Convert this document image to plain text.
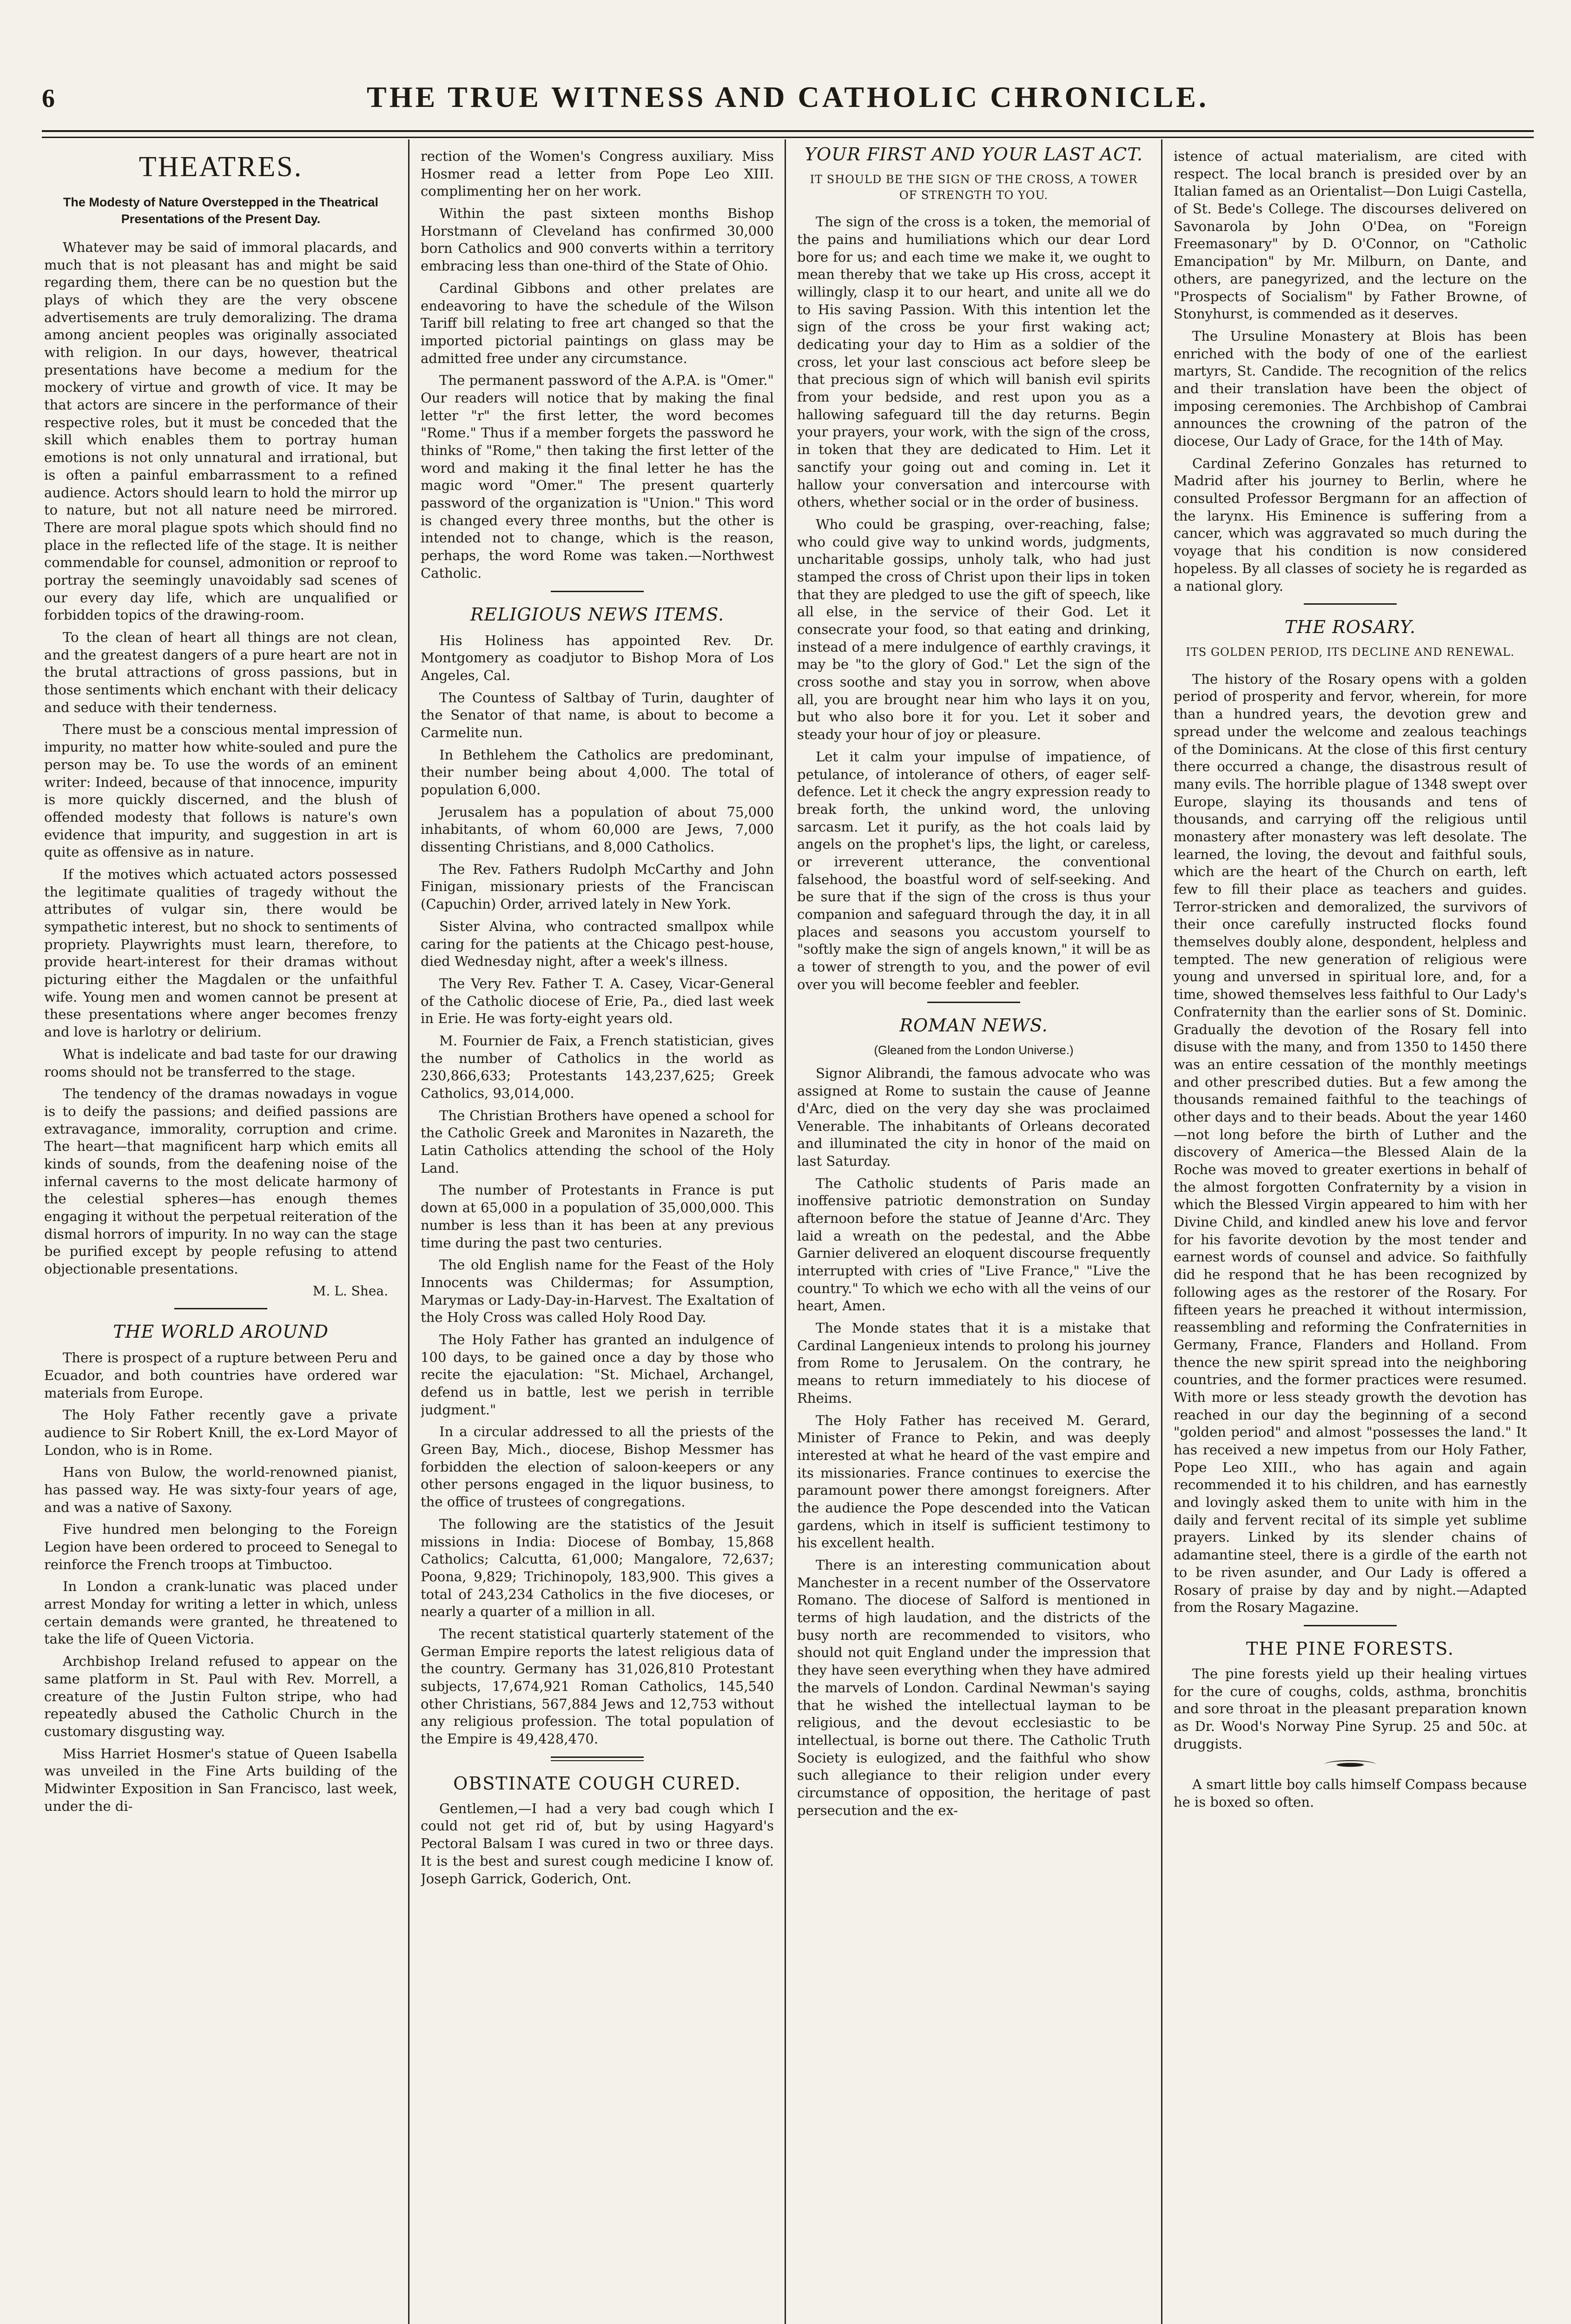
6	THE TRUE WITNESS AND CATHOLIC CHRONICLE.
THEATRES.
The Modesty of Nature Overstepped in the Theatrical Presentations of the Present Day.

Whatever may be said of immoral placards, and much that is not pleasant has and might be said regarding them, there can be no question but the plays of which they are the very obscene advertisements are truly demoralizing. The drama among ancient peoples was originally associated with religion. In our days, however, theatrical presentations have become a medium for the mockery of virtue and growth of vice. It may be that actors are sincere in the performance of their respective roles, but it must be conceded that the skill which enables them to portray human emotions is not only unnatural and irrational, but is often a painful embarrassment to a refined audience. Actors should learn to hold the mirror up to nature, but not all nature need be mirrored. There are moral plague spots which should find no place in the reflected life of the stage. It is neither commendable for counsel, admonition or reproof to portray the seemingly unavoidably sad scenes of our every day life, which are unqualified or forbidden topics of the drawing-room.

To the clean of heart all things are not clean, and the greatest dangers of a pure heart are not in the brutal attractions of gross passions, but in those sentiments which enchant with their delicacy and seduce with their tenderness.

There must be a conscious mental impression of impurity, no matter how white-souled and pure the person may be. To use the words of an eminent writer: Indeed, because of that innocence, impurity is more quickly discerned, and the blush of offended modesty that follows is nature's own evidence that impurity, and suggestion in art is quite as offensive as in nature.

If the motives which actuated actors possessed the legitimate qualities of tragedy without the attributes of vulgar sin, there would be sympathetic interest, but no shock to sentiments of propriety. Playwrights must learn, therefore, to provide heart-interest for their dramas without picturing either the Magdalen or the unfaithful wife. Young men and women cannot be present at these presentations where anger becomes frenzy and love is harlotry or delirium.

What is indelicate and bad taste for our drawing rooms should not be transferred to the stage.

The tendency of the dramas nowadays in vogue is to deify the passions; and deified passions are extravagance, immorality, corruption and crime. The heart—that magnificent harp which emits all kinds of sounds, from the deafening noise of the infernal caverns to the most delicate harmony of the celestial spheres—has enough themes engaging it without the perpetual reiteration of the dismal horrors of impurity. In no way can the stage be purified except by people refusing to attend objectionable presentations.

M. L. Shea.

THE WORLD AROUND

There is prospect of a rupture between Peru and Ecuador, and both countries have ordered war materials from Europe.

The Holy Father recently gave a private audience to Sir Robert Knill, the ex-Lord Mayor of London, who is in Rome.

Hans von Bulow, the world-renowned pianist, has passed way. He was sixty-four years of age, and was a native of Saxony.

Five hundred men belonging to the Foreign Legion have been ordered to proceed to Senegal to reinforce the French troops at Timbuctoo.

In London a crank-lunatic was placed under arrest Monday for writing a letter in which, unless certain demands were granted, he threatened to take the life of Queen Victoria.

Archbishop Ireland refused to appear on the same platform in St. Paul with Rev. Morrell, a creature of the Justin Fulton stripe, who had repeatedly abused the Catholic Church in the customary disgusting way.

Miss Harriet Hosmer's statue of Queen Isabella was unveiled in the Fine Arts building of the Midwinter Exposition in San Francisco, last week, under the di-

rection of the Women's Congress auxiliary. Miss Hosmer read a letter from Pope Leo XIII. complimenting her on her work.

Within the past sixteen months Bishop Horstmann of Cleveland has confirmed 30,000 born Catholics and 900 converts within a territory embracing less than one-third of the State of Ohio.

Cardinal Gibbons and other prelates are endeavoring to have the schedule of the Wilson Tariff bill relating to free art changed so that the imported pictorial paintings on glass may be admitted free under any circumstance.

The permanent password of the A.P.A. is "Omer." Our readers will notice that by making the final letter "r" the first letter, the word becomes "Rome." Thus if a member forgets the password he thinks of "Rome," then taking the first letter of the word and making it the final letter he has the magic word "Omer." The present quarterly password of the organization is "Union." This word is changed every three months, but the other is intended not to change, which is the reason, perhaps, the word Rome was taken.—Northwest Catholic.

RELIGIOUS NEWS ITEMS.

His Holiness has appointed Rev. Dr. Montgomery as coadjutor to Bishop Mora of Los Angeles, Cal.

The Countess of Saltbay of Turin, daughter of the Senator of that name, is about to become a Carmelite nun.

In Bethlehem the Catholics are predominant, their number being about 4,000. The total of population 6,000.

Jerusalem has a population of about 75,000 inhabitants, of whom 60,000 are Jews, 7,000 dissenting Christians, and 8,000 Catholics.

The Rev. Fathers Rudolph McCarthy and John Finigan, missionary priests of the Franciscan (Capuchin) Order, arrived lately in New York.

Sister Alvina, who contracted smallpox while caring for the patients at the Chicago pest-house, died Wednesday night, after a week's illness.

The Very Rev. Father T. A. Casey, Vicar-General of the Catholic diocese of Erie, Pa., died last week in Erie. He was forty-eight years old.

M. Fournier de Faix, a French statistician, gives the number of Catholics in the world as 230,866,633; Protestants 143,237,625; Greek Catholics, 93,014,000.

The Christian Brothers have opened a school for the Catholic Greek and Maronites in Nazareth, the Latin Catholics attending the school of the Holy Land.

The number of Protestants in France is put down at 65,000 in a population of 35,000,000. This number is less than it has been at any previous time during the past two centuries.

The old English name for the Feast of the Holy Innocents was Childermas; for Assumption, Marymas or Lady-Day-in-Harvest. The Exaltation of the Holy Cross was called Holy Rood Day.

The Holy Father has granted an indulgence of 100 days, to be gained once a day by those who recite the ejaculation: "St. Michael, Archangel, defend us in battle, lest we perish in terrible judgment."

In a circular addressed to all the priests of the Green Bay, Mich., diocese, Bishop Messmer has forbidden the election of saloon-keepers or any other persons engaged in the liquor business, to the office of trustees of congregations.

The following are the statistics of the Jesuit missions in India: Diocese of Bombay, 15,868 Catholics; Calcutta, 61,000; Mangalore, 72,637; Poona, 9,829; Trichinopoly, 183,900. This gives a total of 243,234 Catholics in the five dioceses, or nearly a quarter of a million in all.

The recent statistical quarterly statement of the German Empire reports the latest religious data of the country. Germany has 31,026,810 Protestant subjects, 17,674,921 Roman Catholics, 145,540 other Christians, 567,884 Jews and 12,753 without any religious profession. The total population of the Empire is 49,428,470.

OBSTINATE COUGH CURED.

Gentlemen,—I had a very bad cough which I could not get rid of, but by using Hagyard's Pectoral Balsam I was cured in two or three days. It is the best and surest cough medicine I know of. Joseph Garrick, Goderich, Ont.

YOUR FIRST AND YOUR LAST ACT.
IT SHOULD BE THE SIGN OF THE CROSS, A TOWER OF STRENGTH TO YOU.

The sign of the cross is a token, the memorial of the pains and humiliations which our dear Lord bore for us; and each time we make it, we ought to mean thereby that we take up His cross, accept it willingly, clasp it to our heart, and unite all we do to His saving Passion. With this intention let the sign of the cross be your first waking act; dedicating your day to Him as a soldier of the cross, let your last conscious act before sleep be that precious sign of which will banish evil spirits from your bedside, and rest upon you as a hallowing safeguard till the day returns. Begin your prayers, your work, with the sign of the cross, in token that they are dedicated to Him. Let it sanctify your going out and coming in. Let it hallow your conversation and intercourse with others, whether social or in the order of business.

Who could be grasping, over-reaching, false; who could give way to unkind words, judgments, uncharitable gossips, unholy talk, who had just stamped the cross of Christ upon their lips in token that they are pledged to use the gift of speech, like all else, in the service of their God. Let it consecrate your food, so that eating and drinking, instead of a mere indulgence of earthly cravings, it may be "to the glory of God." Let the sign of the cross soothe and stay you in sorrow, when above all, you are brought near him who lays it on you, but who also bore it for you. Let it sober and steady your hour of joy or pleasure.

Let it calm your impulse of impatience, of petulance, of intolerance of others, of eager self-defence. Let it check the angry expression ready to break forth, the unkind word, the unloving sarcasm. Let it purify, as the hot coals laid by angels on the prophet's lips, the light, or careless, or irreverent utterance, the conventional falsehood, the boastful word of self-seeking. And be sure that if the sign of the cross is thus your companion and safeguard through the day, it in all places and seasons you accustom yourself to "softly make the sign of angels known," it will be as a tower of strength to you, and the power of evil over you will become feebler and feebler.

ROMAN NEWS.
(Gleaned from the London Universe.)

Signor Alibrandi, the famous advocate who was assigned at Rome to sustain the cause of Jeanne d'Arc, died on the very day she was proclaimed Venerable. The inhabitants of Orleans decorated and illuminated the city in honor of the maid on last Saturday.

The Catholic students of Paris made an inoffensive patriotic demonstration on Sunday afternoon before the statue of Jeanne d'Arc. They laid a wreath on the pedestal, and the Abbe Garnier delivered an eloquent discourse frequently interrupted with cries of "Live France," "Live the country." To which we echo with all the veins of our heart, Amen.

The Monde states that it is a mistake that Cardinal Langenieux intends to prolong his journey from Rome to Jerusalem. On the contrary, he means to return immediately to his diocese of Rheims.

The Holy Father has received M. Gerard, Minister of France to Pekin, and was deeply interested at what he heard of the vast empire and its missionaries. France continues to exercise the paramount power there amongst foreigners. After the audience the Pope descended into the Vatican gardens, which in itself is sufficient testimony to his excellent health.

There is an interesting communication about Manchester in a recent number of the Osservatore Romano. The diocese of Salford is mentioned in terms of high laudation, and the districts of the busy north are recommended to visitors, who should not quit England under the impression that they have seen everything when they have admired the marvels of London. Cardinal Newman's saying that he wished the intellectual layman to be religious, and the devout ecclesiastic to be intellectual, is borne out there. The Catholic Truth Society is eulogized, and the faithful who show such allegiance to their religion under every circumstance of opposition, the heritage of past persecution and the ex-

istence of actual materialism, are cited with respect. The local branch is presided over by an Italian famed as an Orientalist—Don Luigi Castella, of St. Bede's College. The discourses delivered on Savonarola by John O'Dea, on "Foreign Freemasonary" by D. O'Connor, on "Catholic Emancipation" by Mr. Milburn, on Dante, and others, are panegyrized, and the lecture on the "Prospects of Socialism" by Father Browne, of Stonyhurst, is commended as it deserves.

The Ursuline Monastery at Blois has been enriched with the body of one of the earliest martyrs, St. Candide. The recognition of the relics and their translation have been the object of imposing ceremonies. The Archbishop of Cambrai announces the crowning of the patron of the diocese, Our Lady of Grace, for the 14th of May.

Cardinal Zeferino Gonzales has returned to Madrid after his journey to Berlin, where he consulted Professor Bergmann for an affection of the larynx. His Eminence is suffering from a cancer, which was aggravated so much during the voyage that his condition is now considered hopeless. By all classes of society he is regarded as a national glory.

THE ROSARY.
ITS GOLDEN PERIOD, ITS DECLINE AND RENEWAL.

The history of the Rosary opens with a golden period of prosperity and fervor, wherein, for more than a hundred years, the devotion grew and spread under the welcome and zealous teachings of the Dominicans. At the close of this first century there occurred a change, the disastrous result of many evils. The horrible plague of 1348 swept over Europe, slaying its thousands and tens of thousands, and carrying off the religious until monastery after monastery was left desolate. The learned, the loving, the devout and faithful souls, which are the heart of the Church on earth, left few to fill their place as teachers and guides. Terror-stricken and demoralized, the survivors of their once carefully instructed flocks found themselves doubly alone, despondent, helpless and tempted. The new generation of religious were young and unversed in spiritual lore, and, for a time, showed themselves less faithful to Our Lady's Confraternity than the earlier sons of St. Dominic. Gradually the devotion of the Rosary fell into disuse with the many, and from 1350 to 1450 there was an entire cessation of the monthly meetings and other prescribed duties. But a few among the thousands remained faithful to the teachings of other days and to their beads. About the year 1460—not long before the birth of Luther and the discovery of America—the Blessed Alain de la Roche was moved to greater exertions in behalf of the almost forgotten Confraternity by a vision in which the Blessed Virgin appeared to him with her Divine Child, and kindled anew his love and fervor for his favorite devotion by the most tender and earnest words of counsel and advice. So faithfully did he respond that he has been recognized by following ages as the restorer of the Rosary. For fifteen years he preached it without intermission, reassembling and reforming the Confraternities in Germany, France, Flanders and Holland. From thence the new spirit spread into the neighboring countries, and the former practices were resumed. With more or less steady growth the devotion has reached in our day the beginning of a second "golden period" and almost "possesses the land." It has received a new impetus from our Holy Father, Pope Leo XIII., who has again and again recommended it to his children, and has earnestly and lovingly asked them to unite with him in the daily and fervent recital of its simple yet sublime prayers. Linked by its slender chains of adamantine steel, there is a girdle of the earth not to be riven asunder, and Our Lady is offered a Rosary of praise by day and by night.—Adapted from the Rosary Magazine.

THE PINE FORESTS.

The pine forests yield up their healing virtues for the cure of coughs, colds, asthma, bronchitis and sore throat in the pleasant preparation known as Dr. Wood's Norway Pine Syrup. 25 and 50c. at druggists.

A smart little boy calls himself Compass because he is boxed so often.
